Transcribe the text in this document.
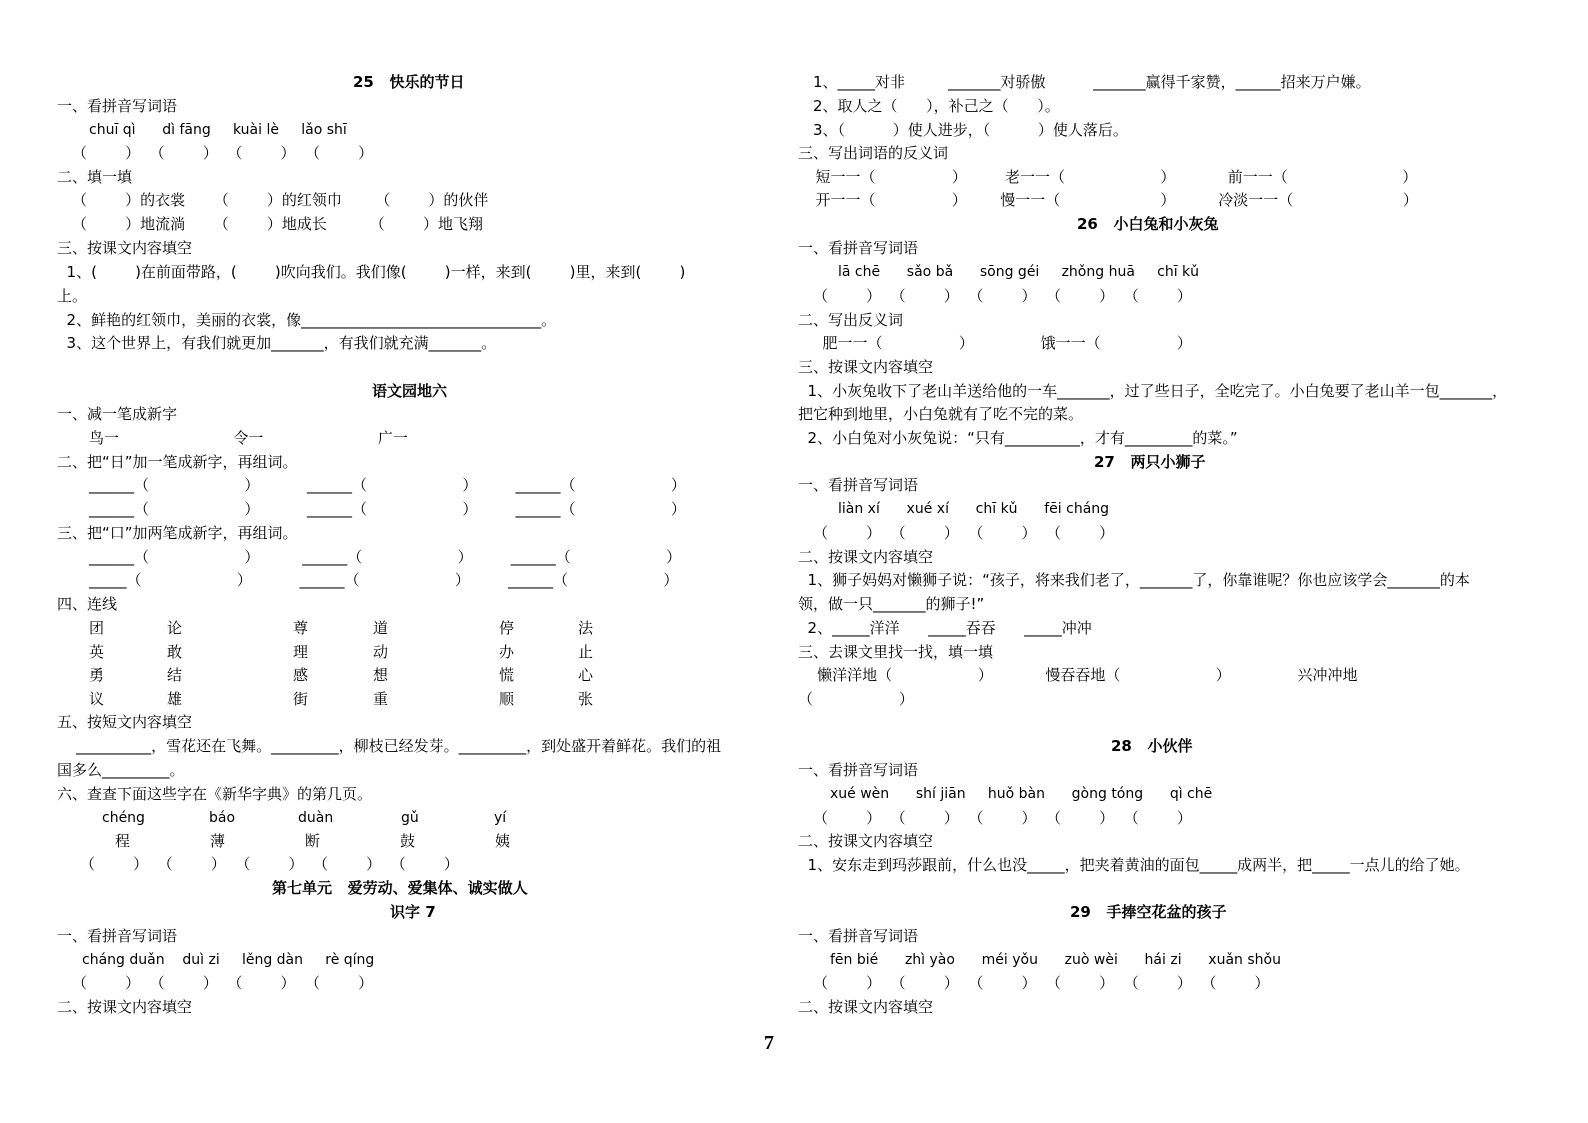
25   快乐的节日
一、看拼音写词语
chuī qì      dì fāng     kuài lè     lǎo shī
（        ）  （        ）  （        ）  （        ）
二、填一填
（        ）的衣裳      （        ）的红领巾       （        ）的伙伴
（        ）地流淌      （        ）地成长         （        ）地飞翔
三、按课文内容填空
1、(        )在前面带路，(        )吹向我们。我们像(        )一样，来到(        )里，来到(        )
上。
2、鲜艳的红领巾，美丽的衣裳，像________________________________。
3、这个世界上，有我们就更加_______，有我们就充满_______。
语文园地六
一、减一笔成新字
鸟一                        令一                        广一
二、把“日”加一笔成新字，再组词。
______（                    ）          ______（                    ）        ______（                    ）
______（                    ）          ______（                    ）        ______（                    ）
三、把“口”加两笔成新字，再组词。
______（                    ）         ______（                    ）        ______（                    ）
_____（                    ）          ______（                    ）        ______（                    ）
四、连线
团	论	尊	道	停	法
英	敢	理	动	办	止
勇	结	感	想	慌	心
议	雄	街	重	顺	张
五、按短文内容填空
__________，雪花还在飞舞。_________，柳枝已经发芽。_________，到处盛开着鲜花。我们的祖
国多么_________。
六、查查下面这些字在《新华字典》的第几页。
chéng	báo	duàn	gǔ	yí
程	薄	断	鼓	姨
（        ）  （        ）  （        ）  （        ）  （        ）
第七单元   爱劳动、爱集体、诚实做人
识字 7
一、看拼音写词语
cháng duǎn    duì zi     lěng dàn     rè qíng
（        ）  （        ）  （        ）  （        ）
二、按课文内容填空
1、_____对非         _______对骄傲          _______赢得千家赞，______招来万户嫌。
2、取人之（      ），补己之（      ）。
3、（          ）使人进步，（          ）使人落后。
三、写出词语的反义词
短一一（                ）        老一一（                    ）           前一一（                        ）
开一一（                ）       慢一一（                     ）         冷淡一一（                       ）
26   小白兔和小灰兔
一、看拼音写词语
lā chē      sǎo bǎ      sōng géi     zhǒng huā     chī kǔ
（        ）  （        ）  （        ）  （        ）  （        ）
二、写出反义词
肥一一（                ）              饿一一（                ）
三、按课文内容填空
1、小灰兔收下了老山羊送给他的一车_______，过了些日子，全吃完了。小白兔要了老山羊一包_______，
把它种到地里，小白兔就有了吃不完的菜。
2、小白兔对小灰兔说：“只有__________，才有_________的菜。”
27   两只小狮子
一、看拼音写词语
liàn xí      xué xí      chī kǔ      fēi cháng
（        ）  （        ）  （        ）  （        ）
二、按课文内容填空
1、狮子妈妈对懒狮子说：“孩子，将来我们老了，_______了，你靠谁呢？你也应该学会_______的本
领，做一只_______的狮子!”
2、_____洋洋      _____吞吞      _____冲冲
三、去课文里找一找，填一填
懒洋洋地（                  ）           慢吞吞地（                    ）              兴冲冲地
（                  ）
28   小伙伴
一、看拼音写词语
xué wèn      shí jiān     huǒ bàn      gòng tóng      qì chē
（        ）  （        ）  （        ）  （        ）  （        ）
二、按课文内容填空
1、安东走到玛莎跟前，什么也没_____，把夹着黄油的面包_____成两半，把_____一点儿的给了她。
29   手捧空花盆的孩子
一、看拼音写词语
fēn bié      zhì yào      méi yǒu      zuò wèi      hái zi      xuǎn shǒu
（        ）  （        ）  （        ）  （        ）  （        ）  （        ）
二、按课文内容填空
7
